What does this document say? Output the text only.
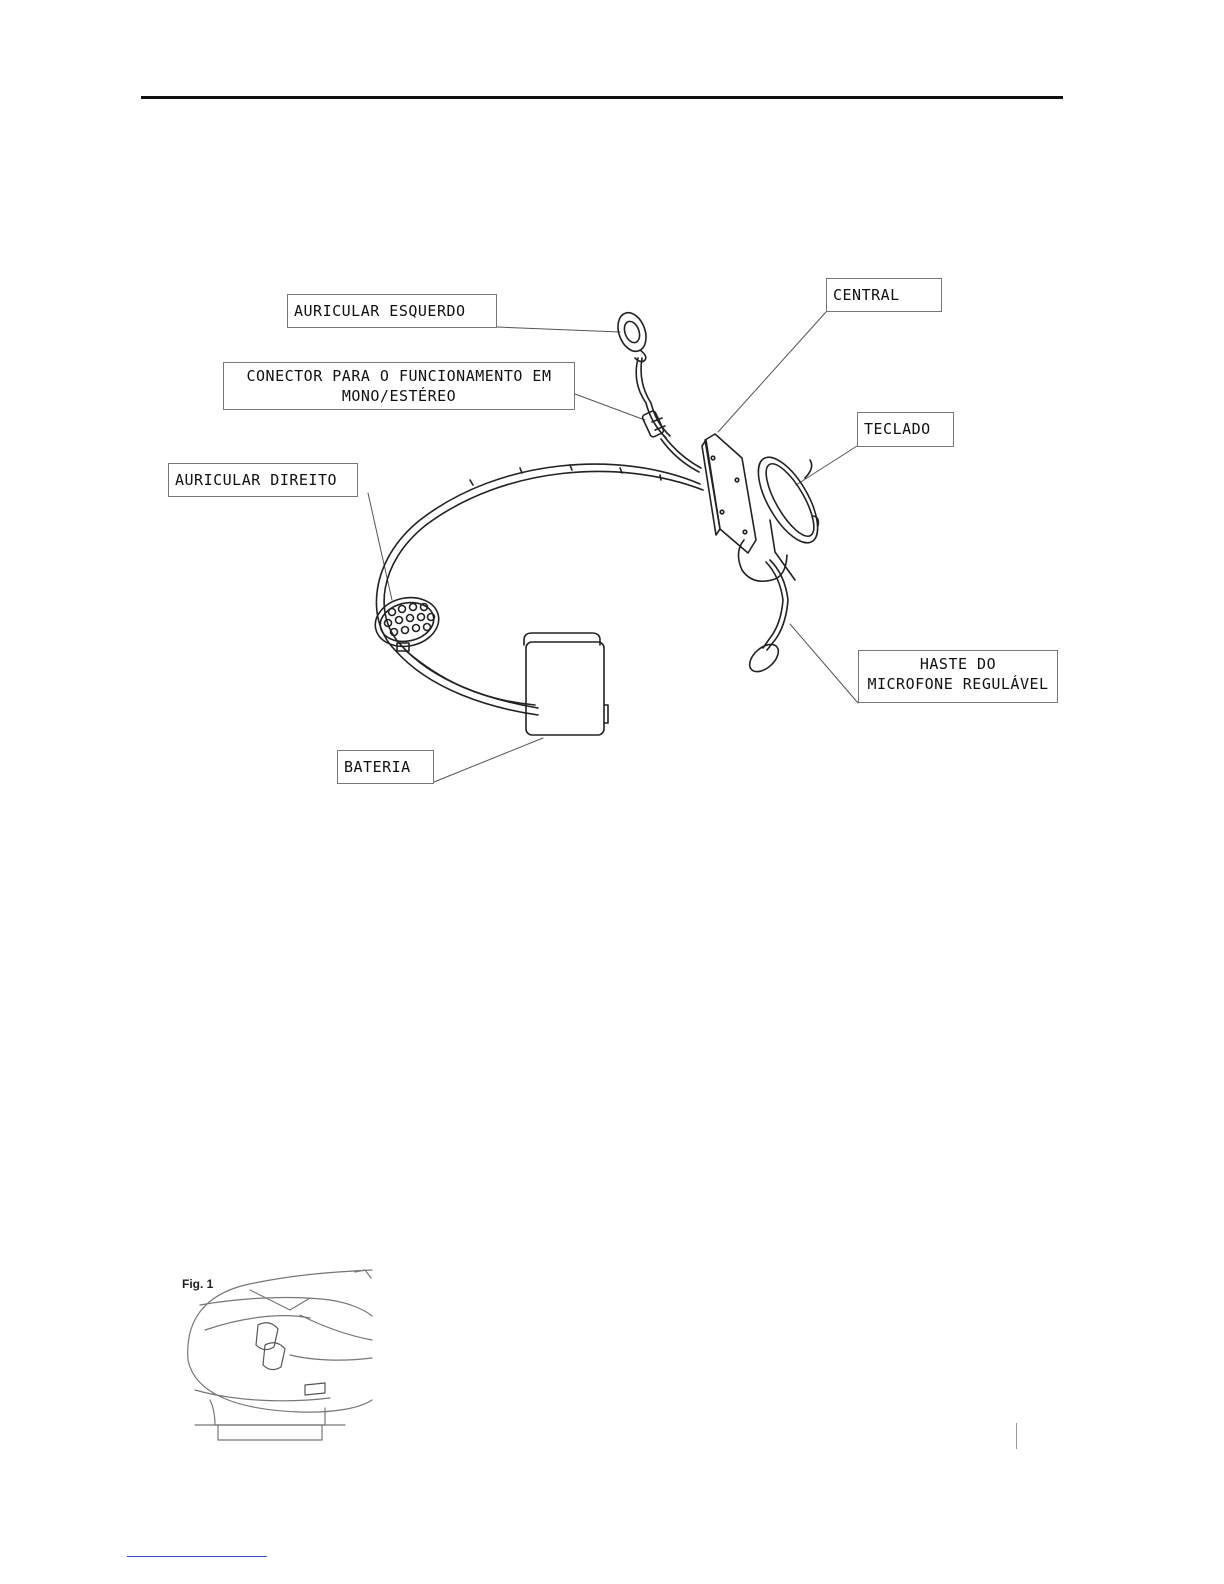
AURICULAR ESQUERDO
CENTRAL
CONECTOR PARA O FUNCIONAMENTO EM
MONO/ESTÉREO
TECLADO
AURICULAR DIREITO
HASTE DO
MICROFONE REGULÁVEL
BATERIA
Fig. 1
